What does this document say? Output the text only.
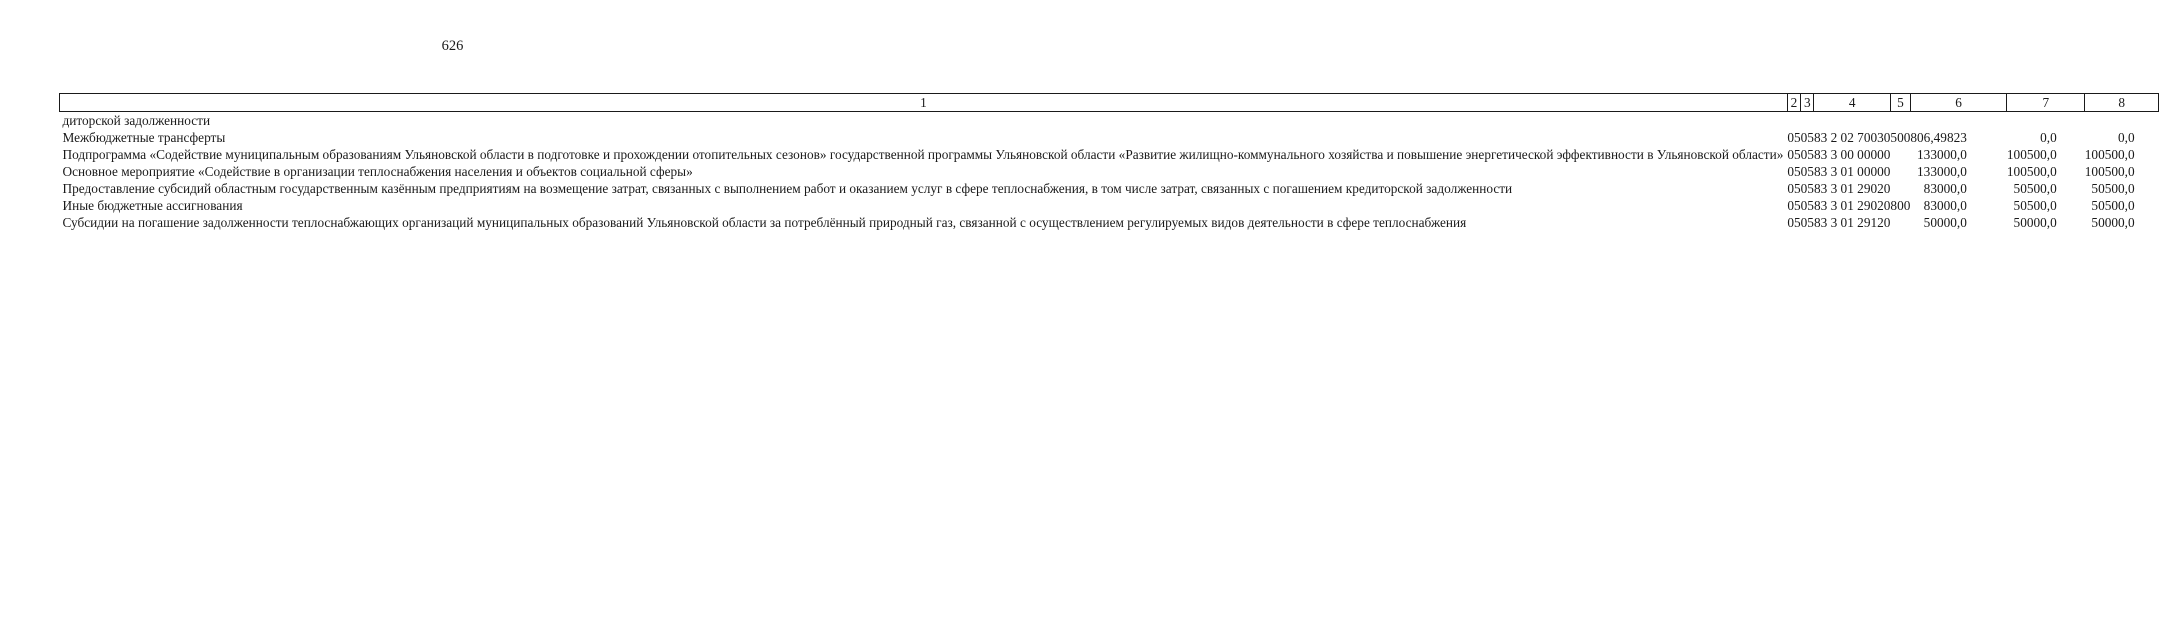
626
1	2	3	4	5	6	7	8
диторской задолженности							
Межбюджетные трансферты	05	05	83 2 02 70030	500	806,49823	0,0	0,0
Подпрограмма «Содействие муниципальным образованиям Ульяновской области в подготовке и прохождении отопительных сезонов» государственной программы Ульяновской области «Развитие жилищно-коммунального хозяйства и повышение энергетической эффективности в Ульяновской области»	05	05	83 3 00 00000		133000,0	100500,0	100500,0
Основное мероприятие «Содействие в организации теплоснабжения населения и объектов социальной сферы»	05	05	83 3 01 00000		133000,0	100500,0	100500,0
Предоставление субсидий областным государственным казённым предприятиям на возмещение затрат, связанных с выполнением работ и оказанием услуг в сфере теплоснабжения, в том числе затрат, связанных с погашением кредиторской задолженности	05	05	83 3 01 29020		83000,0	50500,0	50500,0
Иные бюджетные ассигнования	05	05	83 3 01 29020	800	83000,0	50500,0	50500,0
Субсидии на погашение задолженности теплоснабжающих организаций муниципальных образований Ульяновской области за потреблённый природный газ, связанной с осуществлением регулируемых видов деятельности в сфере теплоснабжения	05	05	83 3 01 29120		50000,0	50000,0	50000,0
